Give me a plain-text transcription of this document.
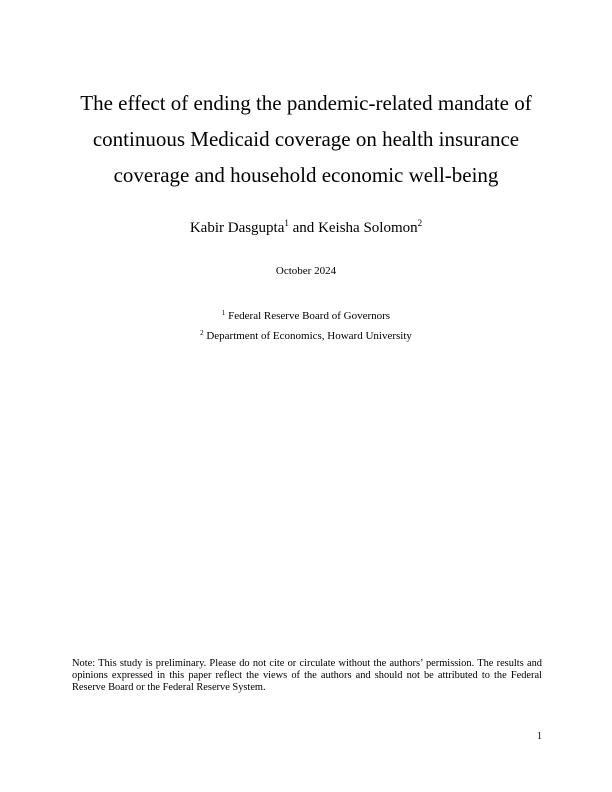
The effect of ending the pandemic-related mandate of
continuous Medicaid coverage on health insurance
coverage and household economic well-being
Kabir Dasgupta$^1$ and Keisha Solomon$^2$
October 2024
$^1$ Federal Reserve Board of Governors
$^2$ Department of Economics, Howard University
Note: This study is preliminary. Please do not cite or circulate without the authors’ permission. The results and opinions expressed in this paper reflect the views of the authors and should not be attributed to the Federal Reserve Board or the Federal Reserve System.
1
